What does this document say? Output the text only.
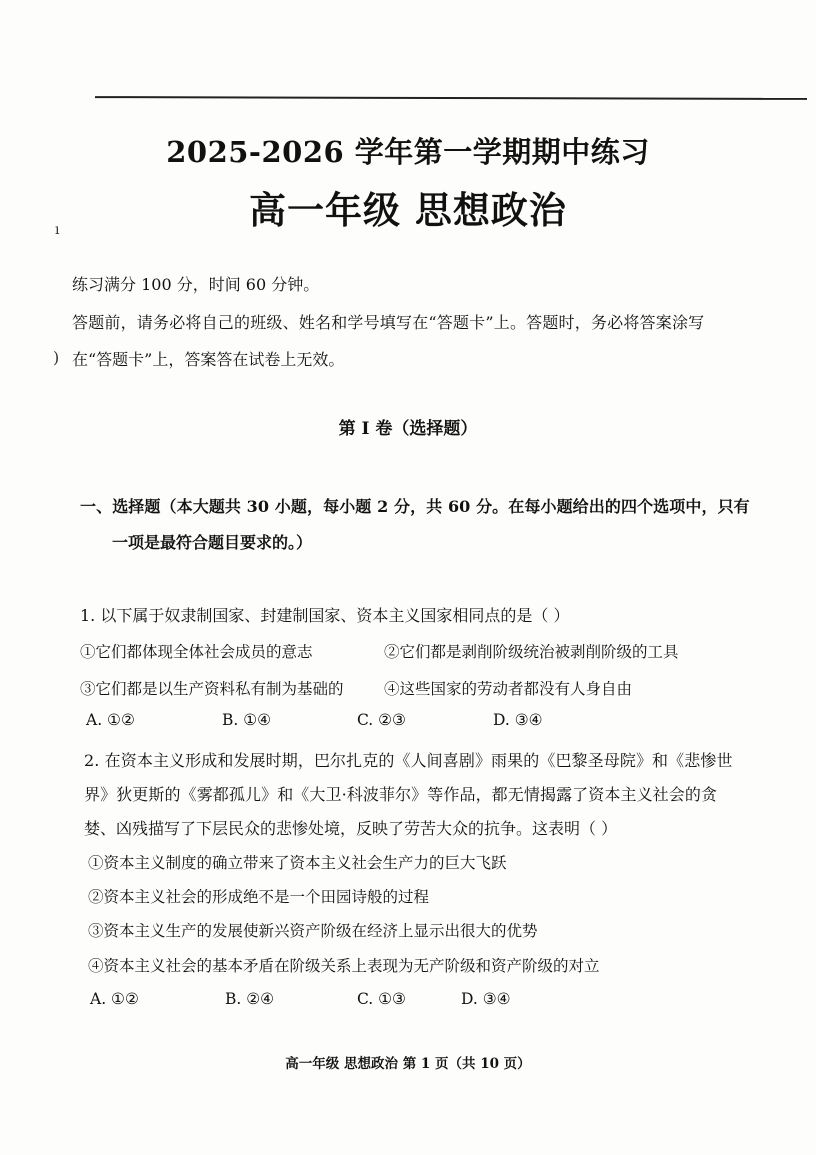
ı
2025-2026 学年第一学期期中练习
高一年级 思想政治
练习满分 100 分，时间 60 分钟。
答题前，请务必将自己的班级、姓名和学号填写在“答题卡”上。答题时，务必将答案涂写
) 在“答题卡”上，答案答在试卷上无效。
第 I 卷（选择题）
一、选择题（本大题共 30 小题，每小题 2 分，共 60 分。在每小题给出的四个选项中，只有
一项是最符合题目要求的。）
1. 以下属于奴隶制国家、封建制国家、资本主义国家相同点的是（ ）
①它们都体现全体社会成员的意志	②它们都是剥削阶级统治被剥削阶级的工具
③它们都是以生产资料私有制为基础的	④这些国家的劳动者都没有人身自由
A. ①②	B. ①④	C. ②③	D. ③④
2. 在资本主义形成和发展时期，巴尔扎克的《人间喜剧》雨果的《巴黎圣母院》和《悲惨世
界》狄更斯的《雾都孤儿》和《大卫·科波菲尔》等作品，都无情揭露了资本主义社会的贪
婪、凶残描写了下层民众的悲惨处境，反映了劳苦大众的抗争。这表明（ ）
①资本主义制度的确立带来了资本主义社会生产力的巨大飞跃
②资本主义社会的形成绝不是一个田园诗般的过程
③资本主义生产的发展使新兴资产阶级在经济上显示出很大的优势
④资本主义社会的基本矛盾在阶级关系上表现为无产阶级和资产阶级的对立
A. ①②	B. ②④	C. ①③	D. ③④
高一年级 思想政治 第 1 页（共 10 页）
